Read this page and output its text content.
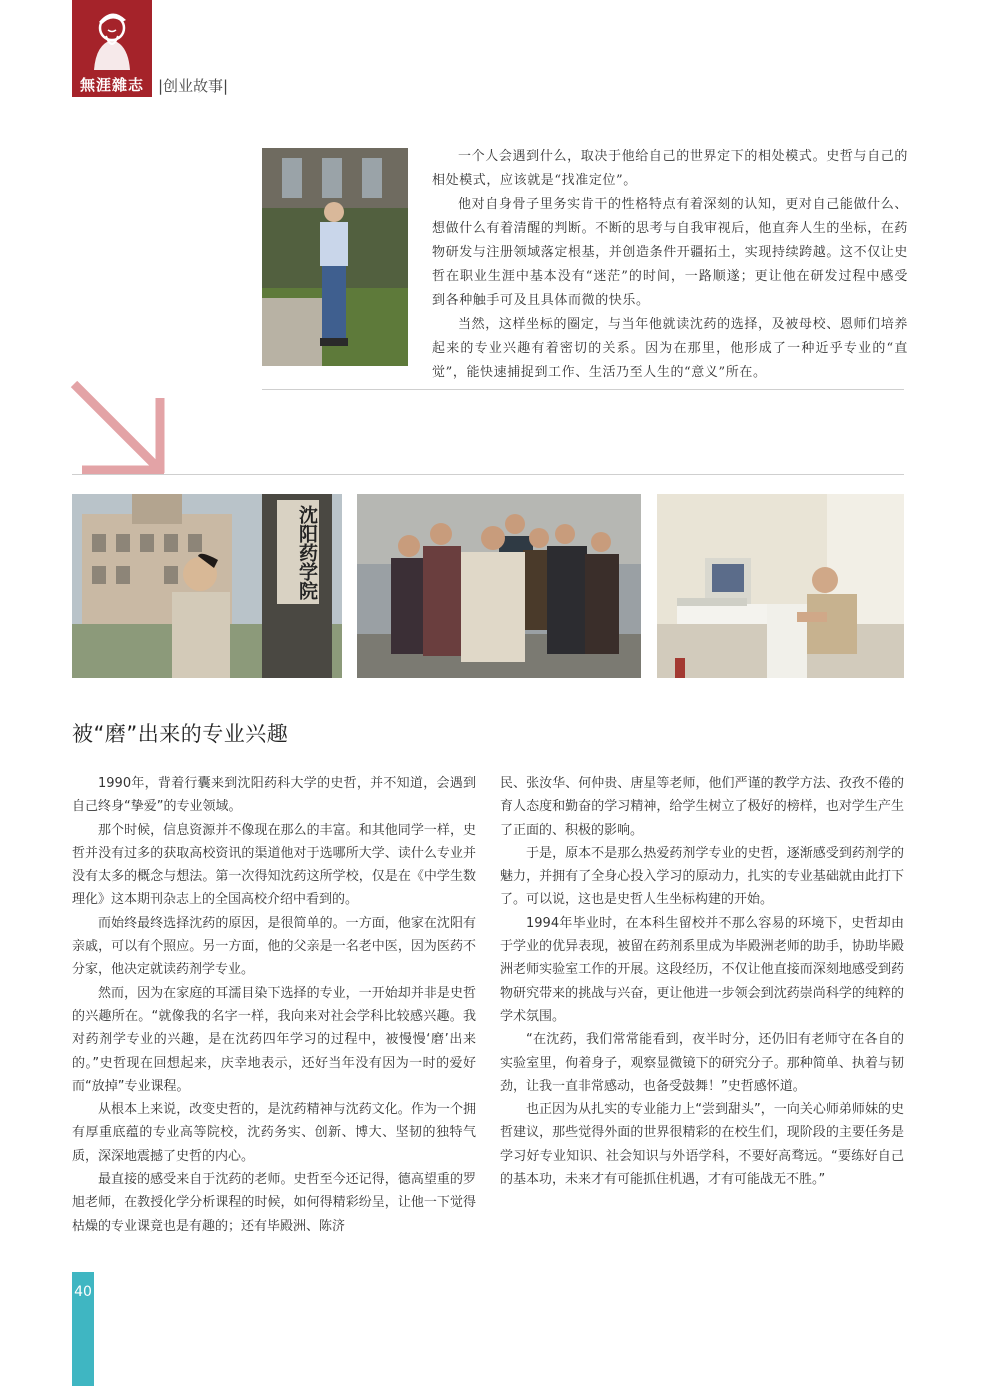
無涯雜志 |创业故事|

一个人会遇到什么，取决于他给自己的世界定下的相处模式。史哲与自己的相处模式，应该就是“找准定位”。

他对自身骨子里务实肯干的性格特点有着深刻的认知，更对自己能做什么、想做什么有着清醒的判断。不断的思考与自我审视后，他直奔人生的坐标，在药物研发与注册领域落定根基，并创造条件开疆拓土，实现持续跨越。这不仅让史哲在职业生涯中基本没有“迷茫”的时间，一路顺遂；更让他在研发过程中感受到各种触手可及且具体而微的快乐。

当然，这样坐标的圈定，与当年他就读沈药的选择，及被母校、恩师们培养起来的专业兴趣有着密切的关系。因为在那里，他形成了一种近乎专业的“直觉”，能快速捕捉到工作、生活乃至人生的“意义”所在。

沈阳药学院
被“磨”出来的专业兴趣

1990年，背着行囊来到沈阳药科大学的史哲，并不知道，会遇到自己终身“挚爱”的专业领域。

那个时候，信息资源并不像现在那么的丰富。和其他同学一样，史哲并没有过多的获取高校资讯的渠道他对于选哪所大学、读什么专业并没有太多的概念与想法。第一次得知沈药这所学校，仅是在《中学生数理化》这本期刊杂志上的全国高校介绍中看到的。

而始终最终选择沈药的原因，是很简单的。一方面，他家在沈阳有亲戚，可以有个照应。另一方面，他的父亲是一名老中医，因为医药不分家，他决定就读药剂学专业。

然而，因为在家庭的耳濡目染下选择的专业，一开始却并非是史哲的兴趣所在。“就像我的名字一样，我向来对社会学科比较感兴趣。我对药剂学专业的兴趣，是在沈药四年学习的过程中，被慢慢‘磨’出来的。”史哲现在回想起来，庆幸地表示，还好当年没有因为一时的爱好而“放掉”专业课程。

从根本上来说，改变史哲的，是沈药精神与沈药文化。作为一个拥有厚重底蕴的专业高等院校，沈药务实、创新、博大、坚韧的独特气质，深深地震撼了史哲的内心。

最直接的感受来自于沈药的老师。史哲至今还记得，德高望重的罗旭老师，在教授化学分析课程的时候，如何得精彩纷呈，让他一下觉得枯燥的专业课竟也是有趣的；还有毕殿洲、陈济

民、张汝华、何仲贵、唐星等老师，他们严谨的教学方法、孜孜不倦的育人态度和勤奋的学习精神，给学生树立了极好的榜样，也对学生产生了正面的、积极的影响。

于是，原本不是那么热爱药剂学专业的史哲，逐渐感受到药剂学的魅力，并拥有了全身心投入学习的原动力，扎实的专业基础就由此打下了。可以说，这也是史哲人生坐标构建的开始。

1994年毕业时，在本科生留校并不那么容易的环境下，史哲却由于学业的优异表现，被留在药剂系里成为毕殿洲老师的助手，协助毕殿洲老师实验室工作的开展。这段经历，不仅让他直接而深刻地感受到药物研究带来的挑战与兴奋，更让他进一步领会到沈药崇尚科学的纯粹的学术氛围。

“在沈药，我们常常能看到，夜半时分，还仍旧有老师守在各自的实验室里，佝着身子，观察显微镜下的研究分子。那种简单、执着与韧劲，让我一直非常感动，也备受鼓舞！”史哲感怀道。

也正因为从扎实的专业能力上“尝到甜头”，一向关心师弟师妹的史哲建议，那些觉得外面的世界很精彩的在校生们，现阶段的主要任务是学习好专业知识、社会知识与外语学科，不要好高骛远。“要练好自己的基本功，未来才有可能抓住机遇，才有可能战无不胜。”

40
